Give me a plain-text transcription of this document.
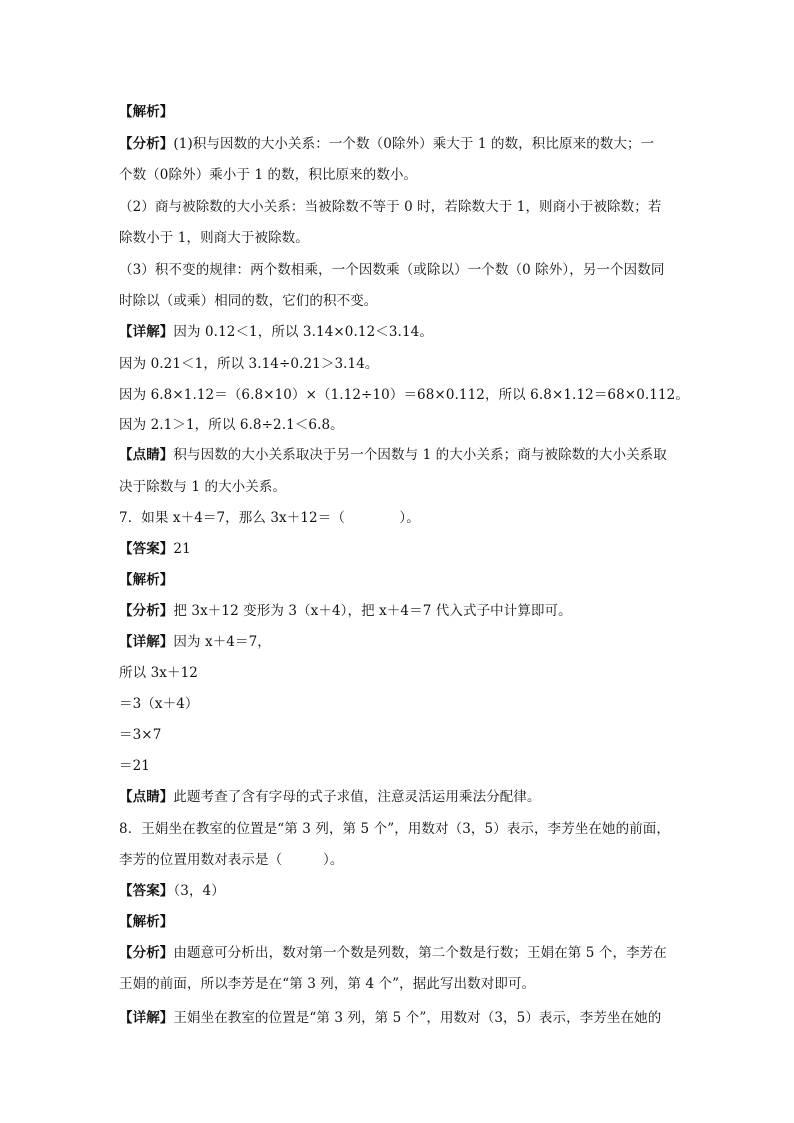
【解析】
【分析】(1)积与因数的大小关系：一个数（0除外）乘大于 1 的数，积比原来的数大；一
个数（0除外）乘小于 1 的数，积比原来的数小。
（2）商与被除数的大小关系：当被除数不等于 0 时，若除数大于 1，则商小于被除数；若
除数小于 1，则商大于被除数。
（3）积不变的规律：两个数相乘，一个因数乘（或除以）一个数（0 除外），另一个因数同
时除以（或乘）相同的数，它们的积不变。
【详解】因为 0.12＜1，所以 3.14×0.12＜3.14。
因为 0.21＜1，所以 3.14÷0.21＞3.14。
因为 6.8×1.12＝（6.8×10）×（1.12÷10）＝68×0.112，所以 6.8×1.12＝68×0.112。
因为 2.1＞1，所以 6.8÷2.1＜6.8。
【点睛】积与因数的大小关系取决于另一个因数与 1 的大小关系；商与被除数的大小关系取
决于除数与 1 的大小关系。
7．如果 x＋4＝7，那么 3x＋12＝（　　　　）。
【答案】21
【解析】
【分析】把 3x＋12 变形为 3（x＋4），把 x＋4＝7 代入式子中计算即可。
【详解】因为 x＋4＝7，
所以 3x＋12
＝3（x＋4）
＝3×7
＝21
【点睛】此题考查了含有字母的式子求值，注意灵活运用乘法分配律。
8．王娟坐在教室的位置是“第 3 列，第 5 个”，用数对（3，5）表示，李芳坐在她的前面，
李芳的位置用数对表示是（　　　）。
【答案】（3，4）
【解析】
【分析】由题意可分析出，数对第一个数是列数，第二个数是行数；王娟在第 5 个，李芳在
王娟的前面，所以李芳是在“第 3 列，第 4 个”，据此写出数对即可。
【详解】王娟坐在教室的位置是“第 3 列，第 5 个”，用数对（3，5）表示，李芳坐在她的
